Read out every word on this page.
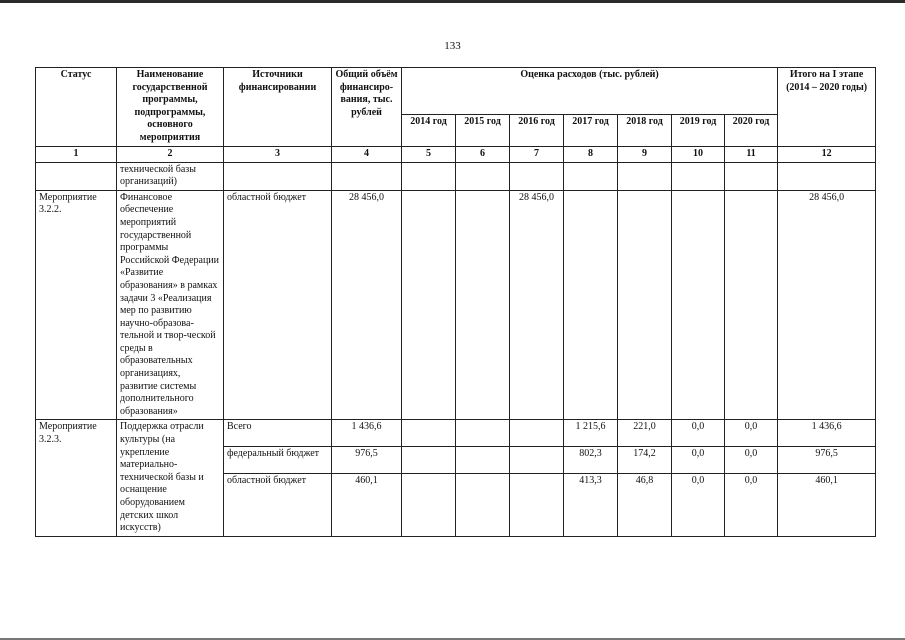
133
Статус	Наименование государственной программы, подпрограммы, основного мероприятия	Источники финансировании	Общий объём финансиро-вания, тыс. рублей	Оценка расходов (тыс. рублей)							Итого на I этапе (2014 – 2020 годы)
				2014 год	2015 год	2016 год	2017 год	2018 год	2019 год	2020 год	
1	2	3	4	5	6	7	8	9	10	11	12
	технической базы организаций)										
Мероприятие 3.2.2.	Финансовое обеспечение мероприятий государственной программы Российской Федерации «Развитие образования» в рамках задачи 3 «Реализация мер по развитию научно-образова-тельной и твор-ческой среды в образовательных организациях, развитие системы дополнительного образования»	областной бюджет	28 456,0			28 456,0					28 456,0
Мероприятие 3.2.3.	Поддержка отрасли культуры (на укрепление материально-технической базы и оснащение оборудованием детских школ искусств)	Всего	1 436,6				1 215,6	221,0	0,0	0,0	1 436,6
		федеральный бюджет	976,5				802,3	174,2	0,0	0,0	976,5
		областной бюджет	460,1				413,3	46,8	0,0	0,0	460,1
